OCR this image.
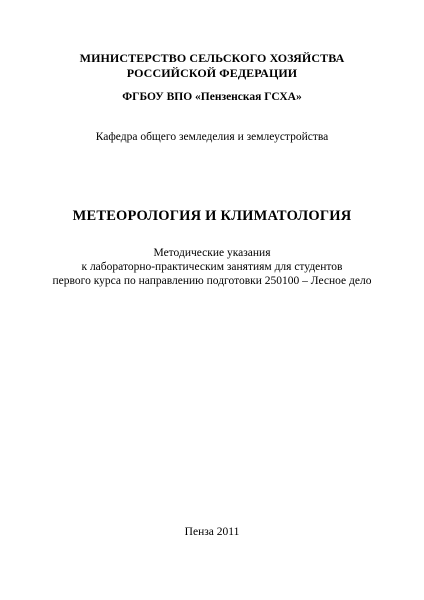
МИНИСТЕРСТВО СЕЛЬСКОГО ХОЗЯЙСТВА
РОССИЙСКОЙ ФЕДЕРАЦИИ
ФГБОУ ВПО «Пензенская ГСХА»
Кафедра общего земледелия и землеустройства
МЕТЕОРОЛОГИЯ И КЛИМАТОЛОГИЯ
Методические указания
к лабораторно-практическим занятиям для студентов
первого курса по направлению подготовки 250100 – Лесное дело
Пенза 2011
